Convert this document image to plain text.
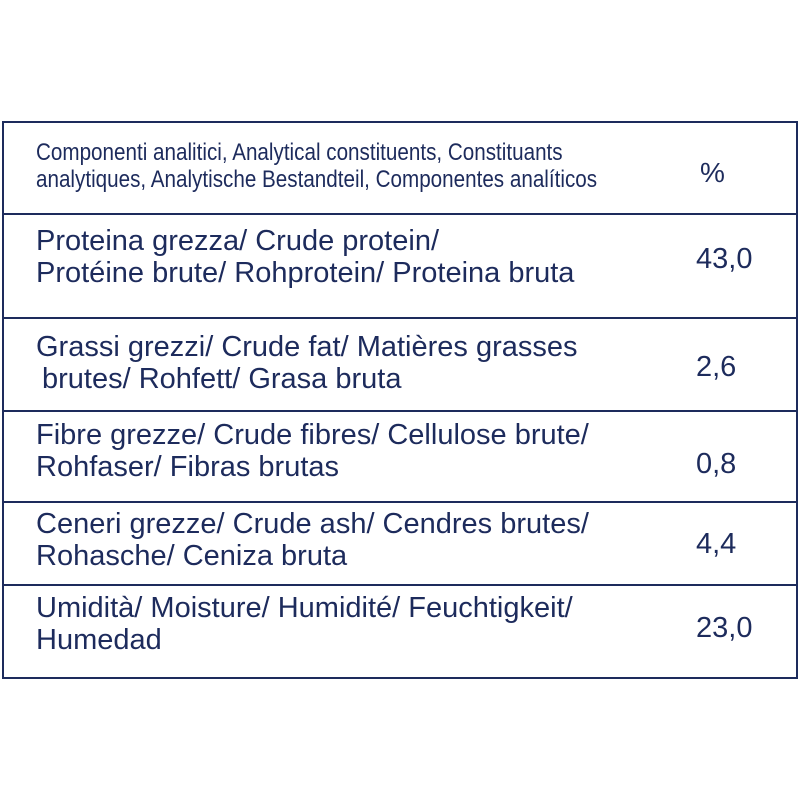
Componenti analitici, Analytical constituents, Constituants
analytiques, Analytische Bestandteil, Componentes analíticos	%
Proteina grezza/ Crude protein/
Protéine brute/ Rohprotein/ Proteina bruta	43,0
Grassi grezzi/ Crude fat/ Matières grasses
brutes/ Rohfett/ Grasa bruta	2,6
Fibre grezze/ Crude fibres/ Cellulose brute/
Rohfaser/ Fibras brutas	0,8
Ceneri grezze/ Crude ash/ Cendres brutes/
Rohasche/ Ceniza bruta	4,4
Umidità/ Moisture/ Humidité/ Feuchtigkeit/
Humedad	23,0
